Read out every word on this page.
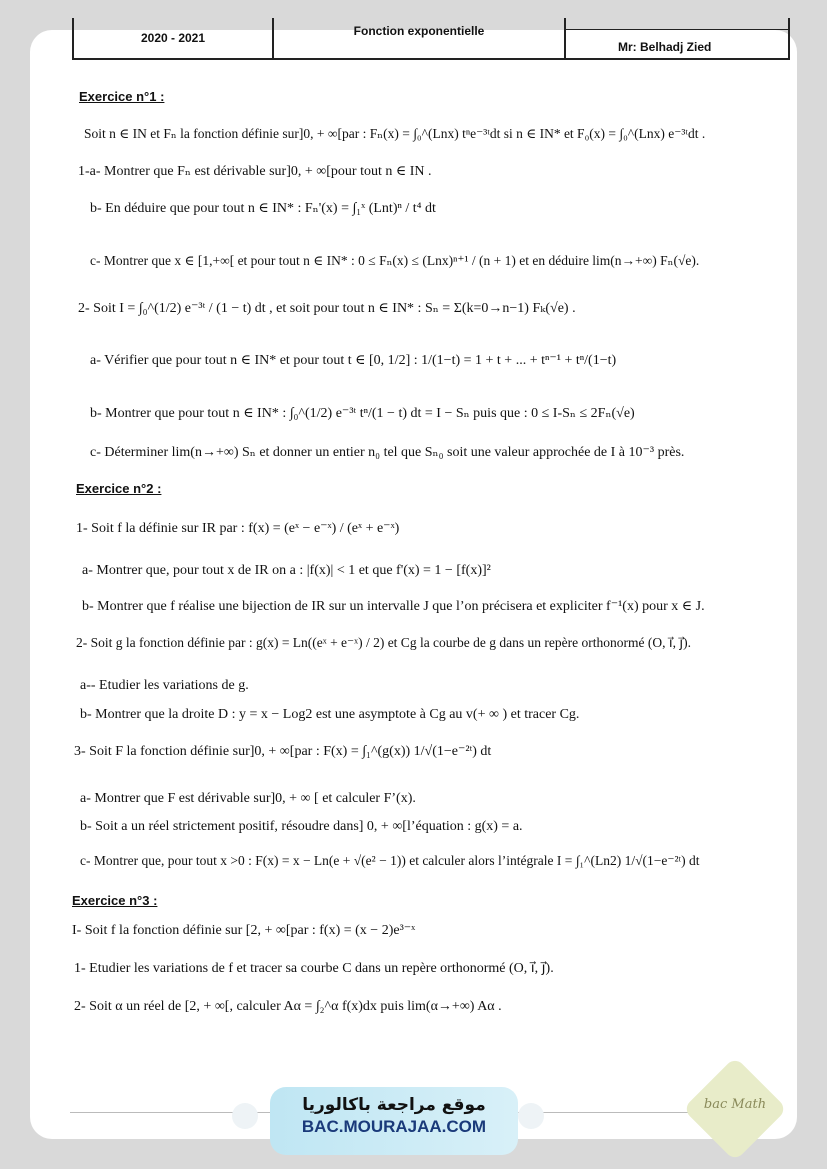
2020 - 2021	Fonction exponentielle
Mr: Belhadj Zied
Exercice n°1 :
Soit n ∈ IN et Fₙ la fonction définie sur]0, + ∞[par : Fₙ(x) = ∫₀^(Lnx) tⁿe⁻³ᵗdt si n ∈ IN* et F₀(x) = ∫₀^(Lnx) e⁻³ᵗdt .
1-a- Montrer que Fₙ est dérivable sur]0, + ∞[pour tout n ∈ IN .
b- En déduire que pour tout n ∈ IN* : Fₙ'(x) = ∫₁ˣ (Lnt)ⁿ / t⁴ dt
c- Montrer que x ∈ [1,+∞[ et pour tout n ∈ IN* : 0 ≤ Fₙ(x) ≤ (Lnx)ⁿ⁺¹ / (n + 1) et en déduire lim(n→+∞) Fₙ(√e).
2- Soit I = ∫₀^(1/2) e⁻³ᵗ / (1 − t) dt , et soit pour tout n ∈ IN* : Sₙ = Σ(k=0→n−1) Fₖ(√e) .
a- Vérifier que pour tout n ∈ IN* et pour tout t ∈ [0, 1/2] : 1/(1−t) = 1 + t + ... + tⁿ⁻¹ + tⁿ/(1−t)
b- Montrer que pour tout n ∈ IN* : ∫₀^(1/2) e⁻³ᵗ tⁿ/(1 − t) dt = I − Sₙ puis que : 0 ≤ I-Sₙ ≤ 2Fₙ(√e)
c- Déterminer lim(n→+∞) Sₙ et donner un entier n₀ tel que Sₙ₀ soit une valeur approchée de I à 10⁻³ près.
Exercice n°2 :
1- Soit f la définie sur IR par : f(x) = (eˣ − e⁻ˣ) / (eˣ + e⁻ˣ)
a- Montrer que, pour tout x de IR on a : |f(x)| < 1 et que f'(x) = 1 − [f(x)]²
b- Montrer que f réalise une bijection de IR sur un intervalle J que l’on précisera et expliciter f⁻¹(x) pour x ∈ J.
2- Soit g la fonction définie par : g(x) = Ln((eˣ + e⁻ˣ) / 2) et Cg la courbe de g dans un repère orthonormé (O, i⃗, j⃗).
a-- Etudier les variations de g.
b- Montrer que la droite D : y = x − Log2 est une asymptote à Cg au v(+ ∞ ) et tracer Cg.
3- Soit F la fonction définie sur]0, + ∞[par : F(x) = ∫₁^(g(x)) 1/√(1−e⁻²ᵗ) dt
a- Montrer que F est dérivable sur]0, + ∞ [ et calculer F’(x).
b- Soit a un réel strictement positif, résoudre dans] 0, + ∞[l’équation : g(x) = a.
c- Montrer que, pour tout x >0 : F(x) = x − Ln(e + √(e² − 1)) et calculer alors l’intégrale I = ∫₁^(Ln2) 1/√(1−e⁻²ᵗ) dt
Exercice n°3 :
I- Soit f la fonction définie sur [2, + ∞[par : f(x) = (x − 2)e³⁻ˣ
1- Etudier les variations de f et tracer sa courbe C dans un repère orthonormé (O, i⃗, j⃗).
2- Soit α un réel de [2, + ∞[, calculer Aα = ∫₂^α f(x)dx puis lim(α→+∞) Aα .
موقع مراجعة باكالوريا
BAC.MOURAJAA.COM
bac Math
